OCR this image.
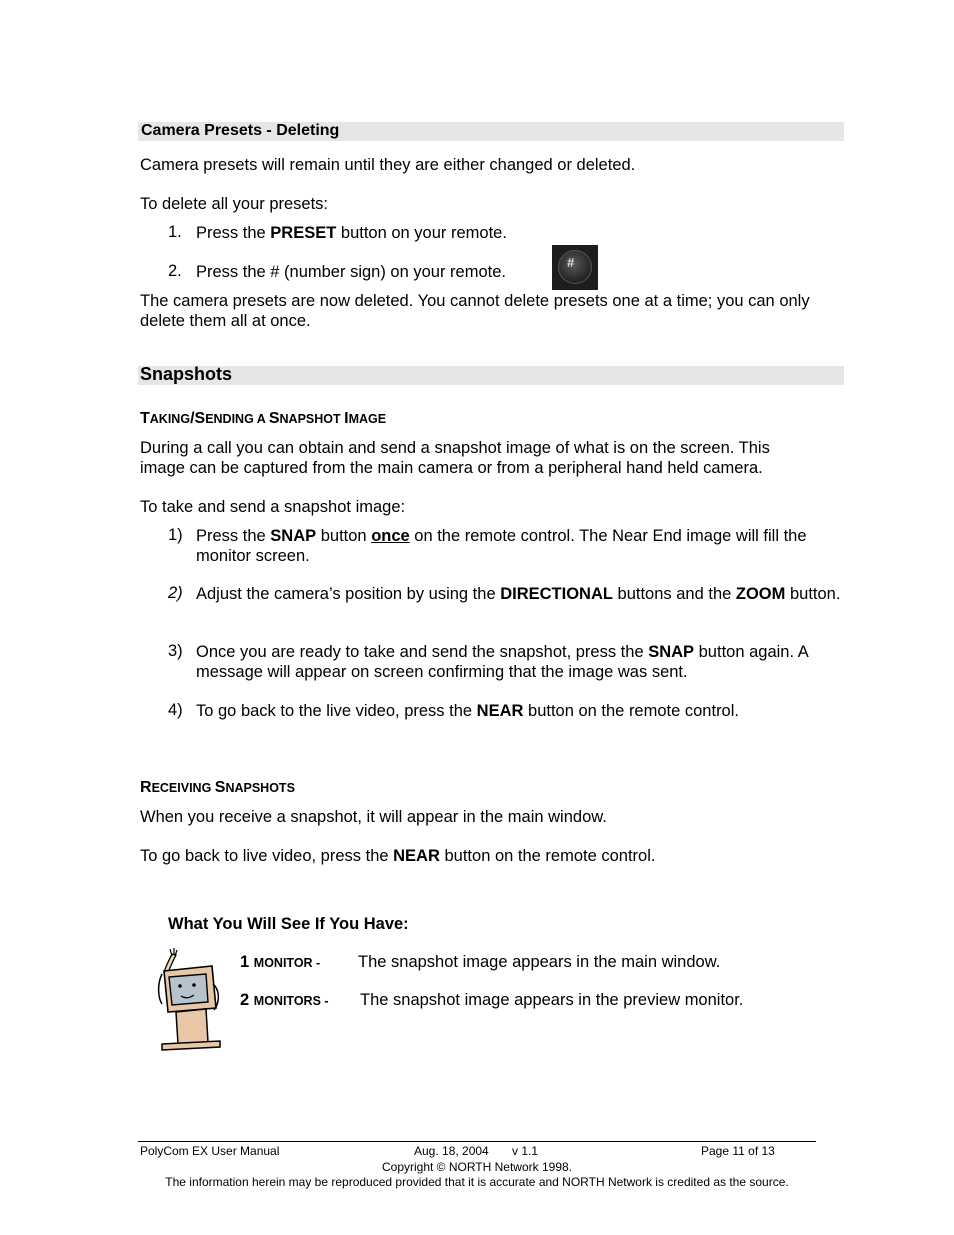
Camera Presets - Deleting
Camera presets will remain until they are either changed or deleted.
To delete all your presets:
1. Press the PRESET button on your remote.
2. Press the # (number sign) on your remote.
#
The camera presets are now deleted. You cannot delete presets one at a time; you can only delete them all at once.
Snapshots
TAKING/SENDING A SNAPSHOT IMAGE
During a call you can obtain and send a snapshot image of what is on the screen. This image can be captured from the main camera or from a peripheral hand held camera.
To take and send a snapshot image:
1) Press the SNAP button once on the remote control. The Near End image will fill the monitor screen.
2) Adjust the camera’s position by using the DIRECTIONAL buttons and the ZOOM button.
3) Once you are ready to take and send the snapshot, press the SNAP button again. A message will appear on screen confirming that the image was sent.
4) To go back to the live video, press the NEAR button on the remote control.
RECEIVING SNAPSHOTS
When you receive a snapshot, it will appear in the main window.
To go back to live video, press the NEAR button on the remote control.
What You Will See If You Have:
1 MONITOR - The snapshot image appears in the main window.
2 MONITORS - The snapshot image appears in the preview monitor.
PolyCom EX User Manual	Aug. 18, 2004 v 1.1	Page 11 of 13
Copyright © NORTH Network 1998.
The information herein may be reproduced provided that it is accurate and NORTH Network is credited as the source.
